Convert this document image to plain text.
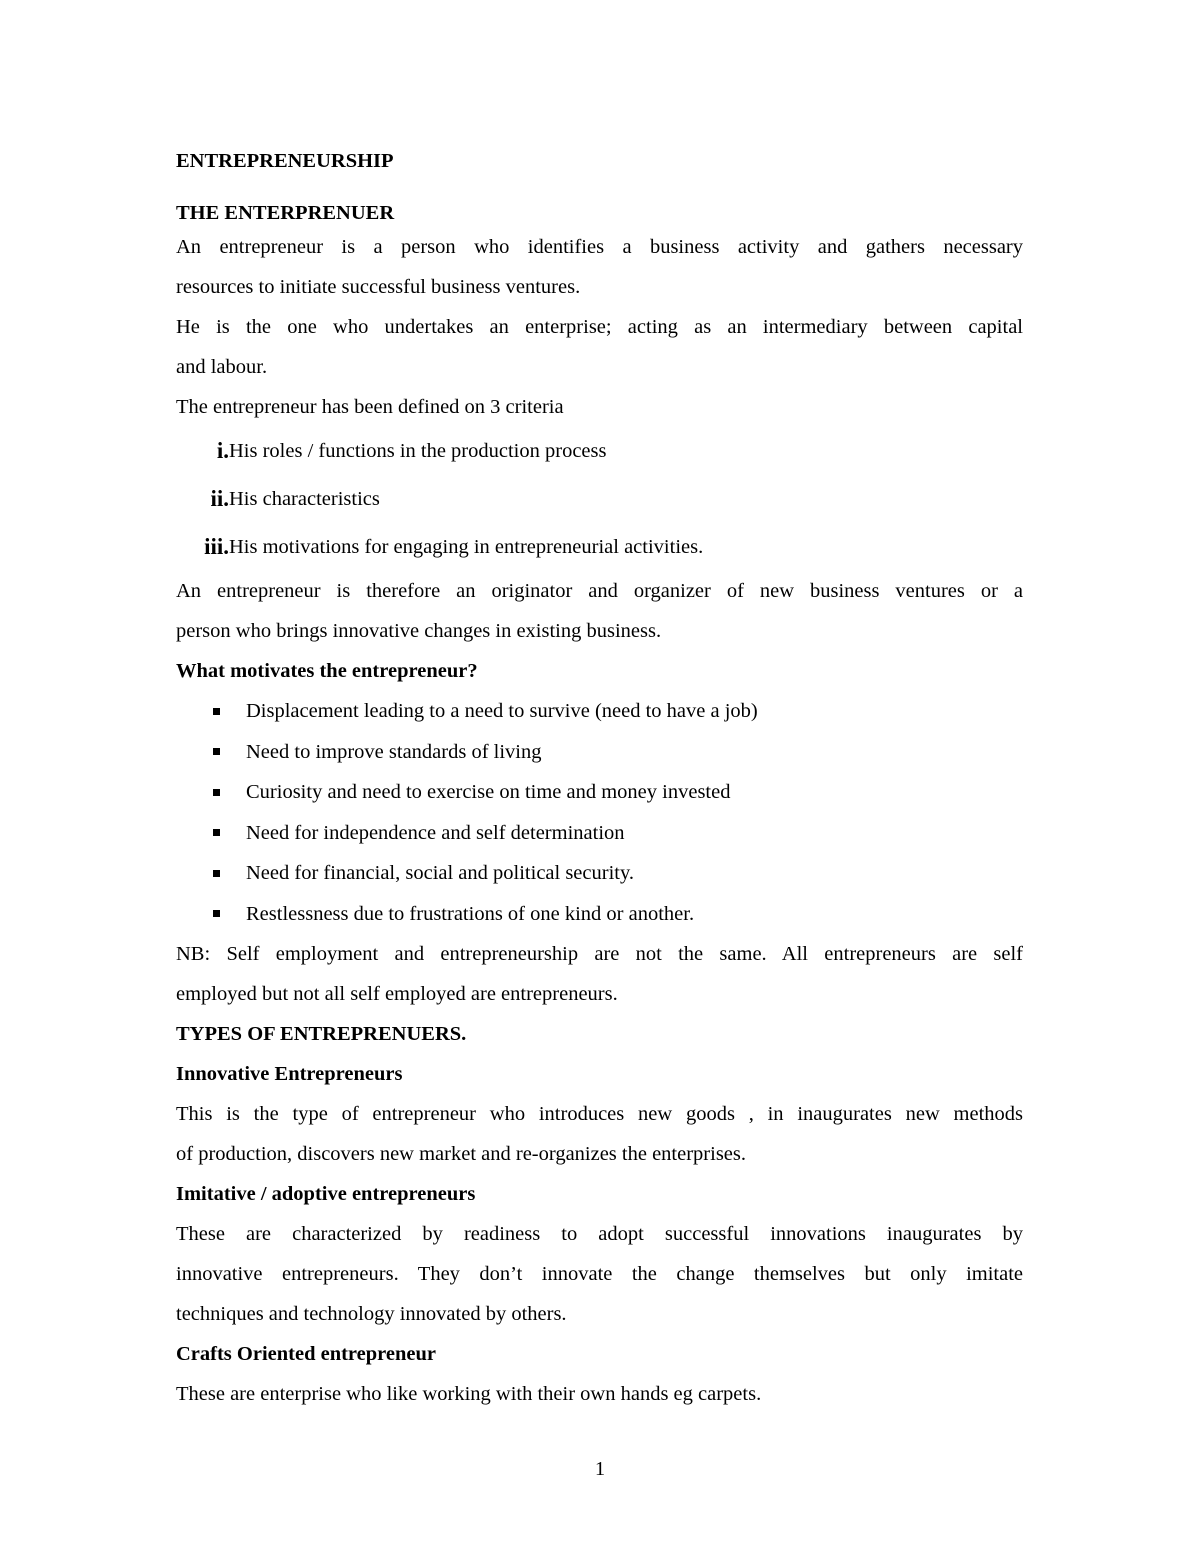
ENTREPRENEURSHIP

THE ENTERPRENUER

An entrepreneur is a person who identifies a business activity and gathers necessary

resources to initiate successful business ventures.

He is the one who undertakes an enterprise; acting as an intermediary between capital

and labour.

The entrepreneur has been defined on 3 criteria

i. His roles / functions in the production process
ii. His characteristics
iii. His motivations for engaging in entrepreneurial activities.

An entrepreneur is therefore an originator and organizer of new business ventures or a

person who brings innovative changes in existing business.

What motivates the entrepreneur?

Displacement leading to a need to survive (need to have a job)
Need to improve standards of living
Curiosity and need to exercise on time and money invested
Need for independence and self determination
Need for financial, social and political security.
Restlessness due to frustrations of one kind or another.

NB: Self employment and entrepreneurship are not the same. All entrepreneurs are self

employed but not all self employed are entrepreneurs.

TYPES OF ENTREPRENUERS.

Innovative Entrepreneurs

This is the type of entrepreneur who introduces new goods , in inaugurates new methods

of production, discovers new market and re-organizes the enterprises.

Imitative / adoptive entrepreneurs

These are characterized by readiness to adopt successful innovations inaugurates by

innovative entrepreneurs. They don’t innovate the change themselves but only imitate

techniques and technology innovated by others.

Crafts Oriented entrepreneur

These are enterprise who like working with their own hands eg carpets.

1
